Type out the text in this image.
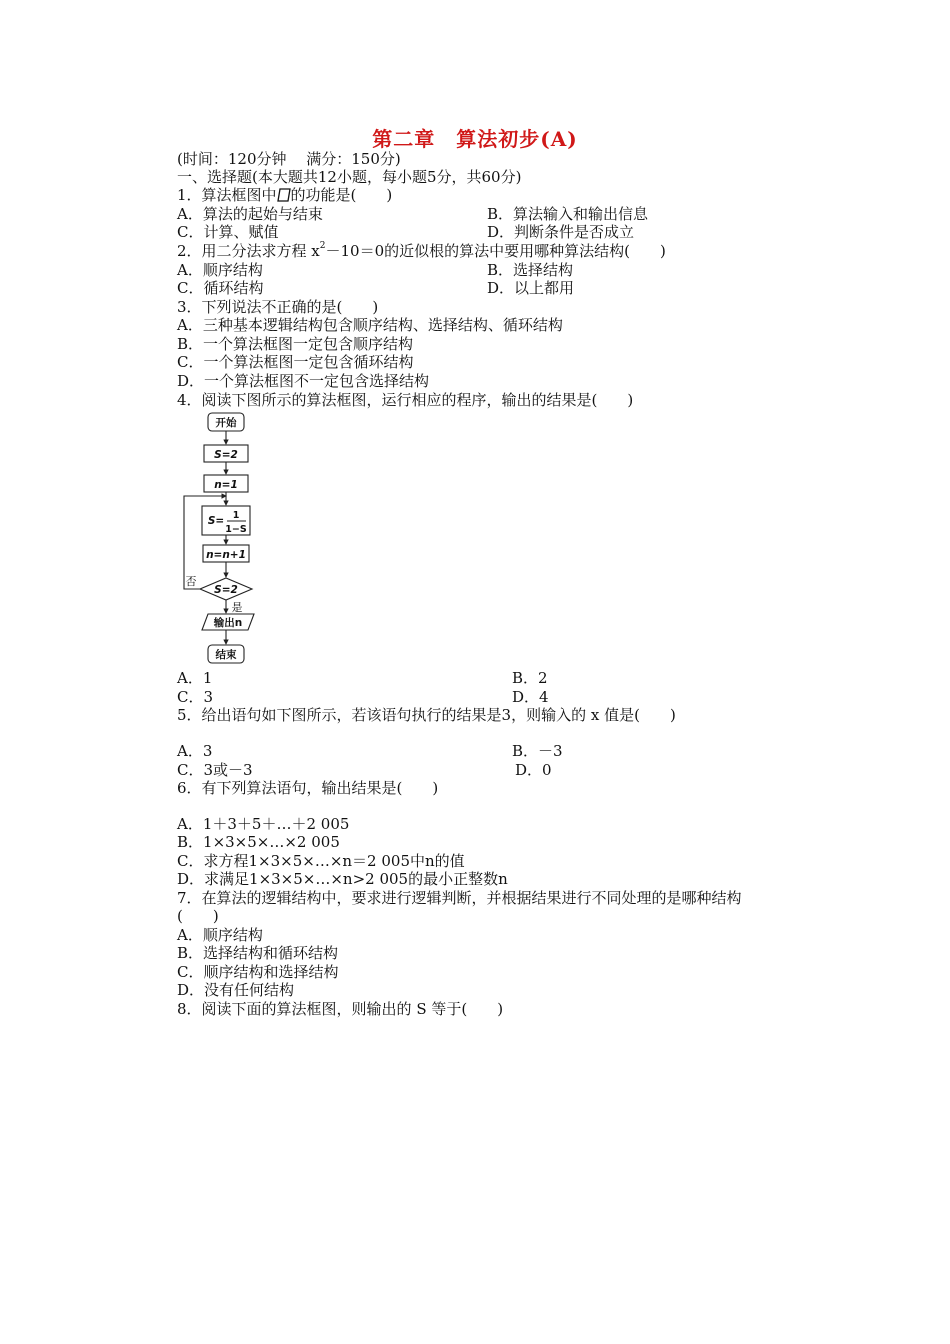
第二章　算法初步(A)
(时间：120分钟　 满分：150分)
一、选择题(本大题共12小题，每小题5分，共60分)
1．算法框图中 的功能是(　　)
A．算法的起始与结束	B．算法输入和输出信息
C．计算、赋值	D．判断条件是否成立
2．用二分法求方程 $x^2-10=0$的近似根的算法中要用哪种算法结构(　　)
A．顺序结构	B．选择结构
C．循环结构	D．以上都用
3．下列说法不正确的是(　　)
A．三种基本逻辑结构包含顺序结构、选择结构、循环结构
B．一个算法框图一定包含顺序结构
C．一个算法框图一定包含循环结构
D．一个算法框图不一定包含选择结构
4．阅读下图所示的算法框图，运行相应的程序，输出的结果是(　　)
开始
S=2
n=1
S= 1
1−S
n=n+1
S=2
否
是
输出n
结束
A．1	B．2
C．3	D．4
5．给出语句如下图所示，若该语句执行的结果是3，则输入的 x 值是(　　)
A．3	B．－3
C．3或－3	D．0
6．有下列算法语句，输出结果是(　　)
A．1＋3＋5＋…＋2 005
B．1×3×5×…×2 005
C．求方程1×3×5×…×n＝2 005中n的值
D．求满足1×3×5×…×n>2 005的最小正整数n
7．在算法的逻辑结构中，要求进行逻辑判断，并根据结果进行不同处理的是哪种结构
(　　)
A．顺序结构
B．选择结构和循环结构
C．顺序结构和选择结构
D．没有任何结构
8．阅读下面的算法框图，则输出的 S 等于(　　)
